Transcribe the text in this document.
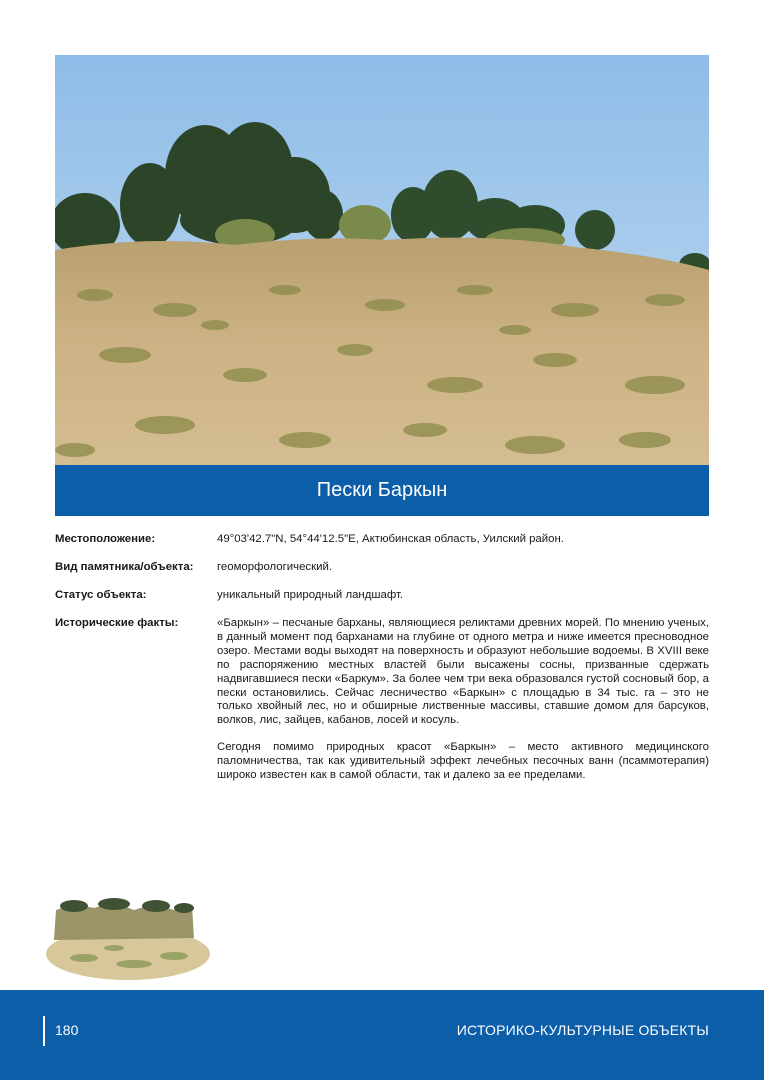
Пески Баркын
Местоположение:	49°03'42.7"N, 54°44'12.5"E, Актюбинская область, Уилский район.
Вид памятника/объекта:	геоморфологический.
Статус объекта:	уникальный природный ландшафт.
Исторические факты:	«Баркын» – песчаные барханы, являющиеся реликтами древних морей. По мнению ученых, в данный момент под барханами на глубине от одного метра и ниже имеется пресноводное озеро. Местами воды выходят на поверхность и образуют небольшие водоемы. В XVIII веке по распоряжению местных властей были высажены сосны, призванные сдержать надвигавшиеся пески «Баркум». За более чем три века образовался густой сосновый бор, а пески остановились. Сейчас лесничество «Баркын» с площадью в 34 тыс. га – это не только хвойный лес, но и обширные лиственные массивы, ставшие домом для барсуков, волков, лис, зайцев, кабанов, лосей и косуль.

Сегодня помимо природных красот «Баркын» – место активного медицинского паломничества, так как удивительный эффект лечебных песочных ванн (псаммотерапия) широко известен как в самой области, так и далеко за ее пределами.

180	ИСТОРИКО-КУЛЬТУРНЫЕ ОБЪЕКТЫ
